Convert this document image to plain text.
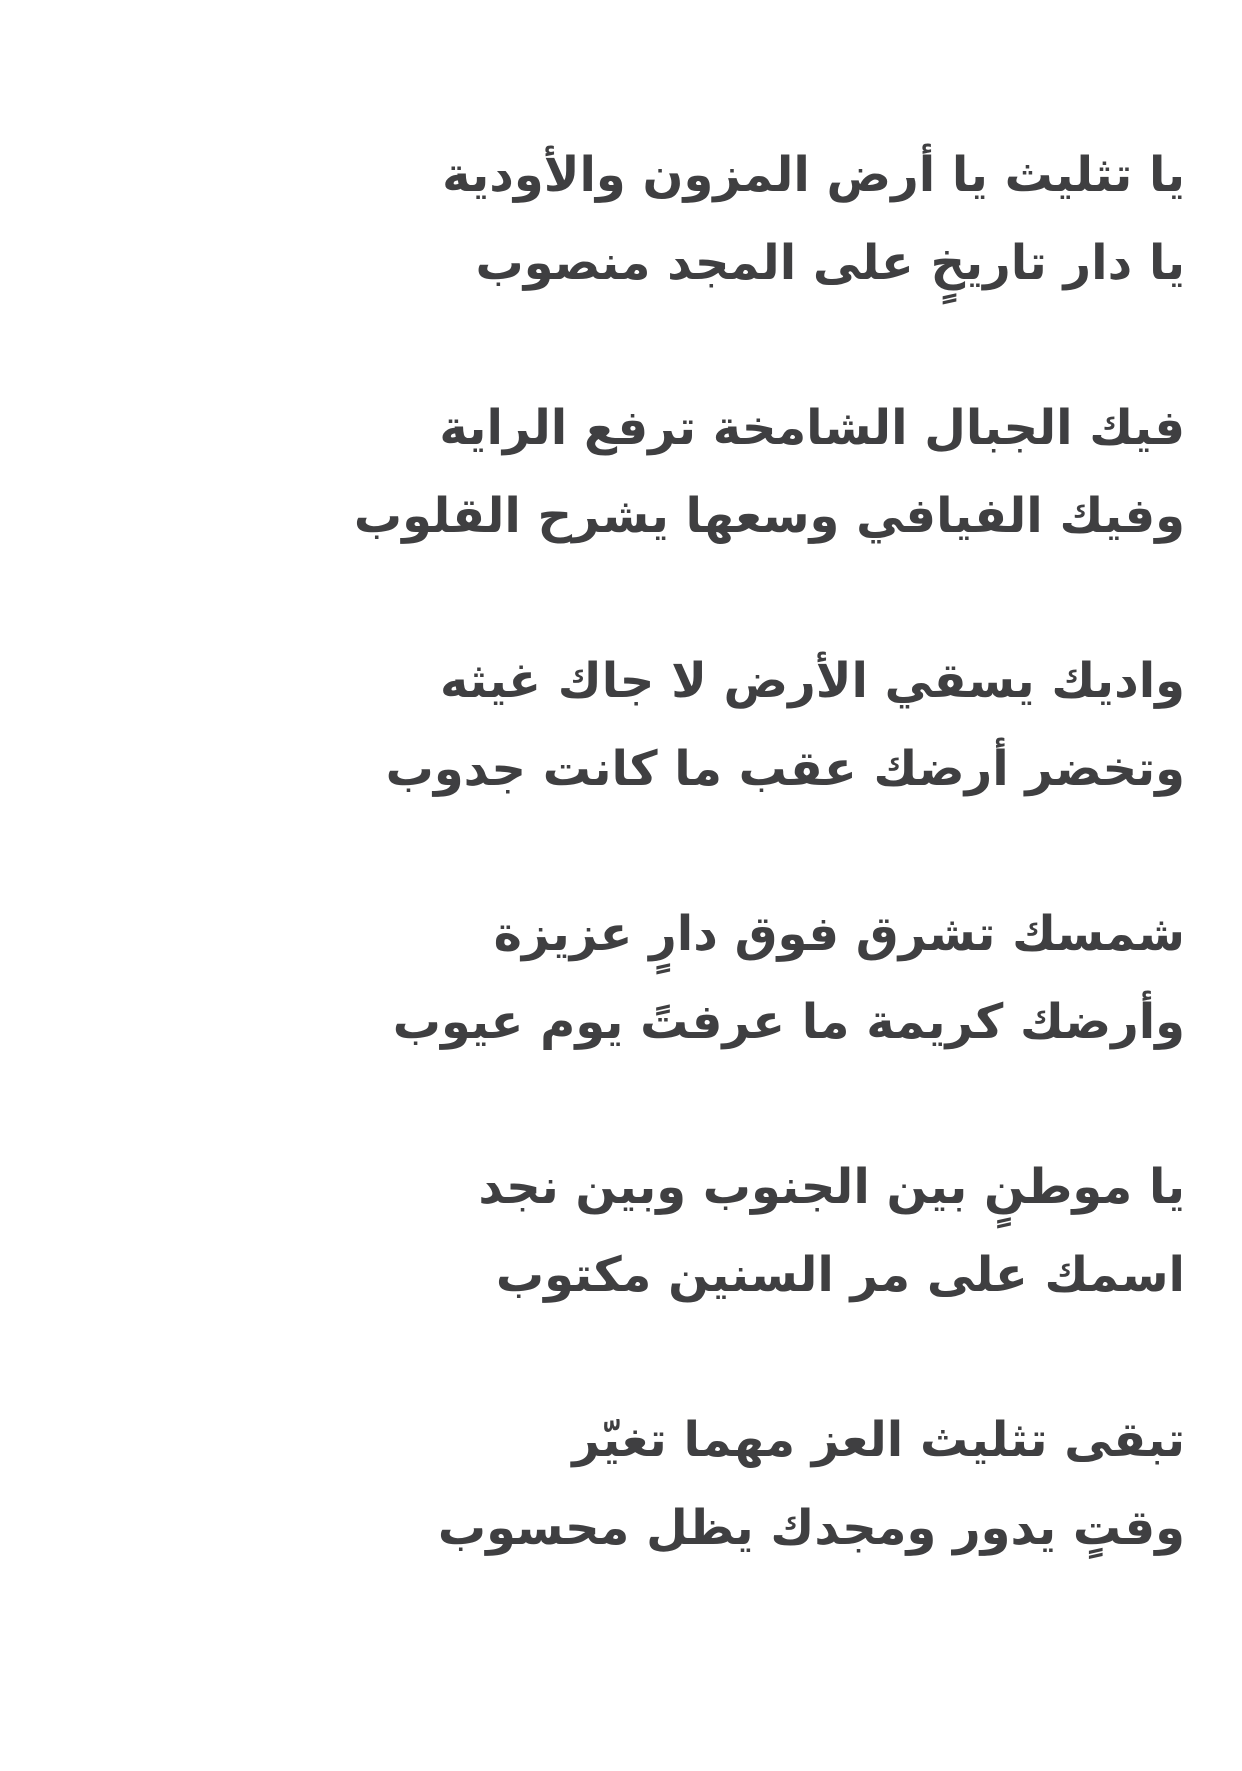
يا تثليث يا أرض المزون والأودية

يا دار تاريخٍ على المجد منصوب

فيك الجبال الشامخة ترفع الراية

وفيك الفيافي وسعها يشرح القلوب

واديك يسقي الأرض لا جاك غيثه

وتخضر أرضك عقب ما كانت جدوب

شمسك تشرق فوق دارٍ عزيزة

وأرضك كريمة ما عرفتً يوم عيوب

يا موطنٍ بين الجنوب وبين نجد

اسمك على مر السنين مكتوب

تبقى تثليث العز مهما تغيّر

وقتٍ يدور ومجدك يظل محسوب
